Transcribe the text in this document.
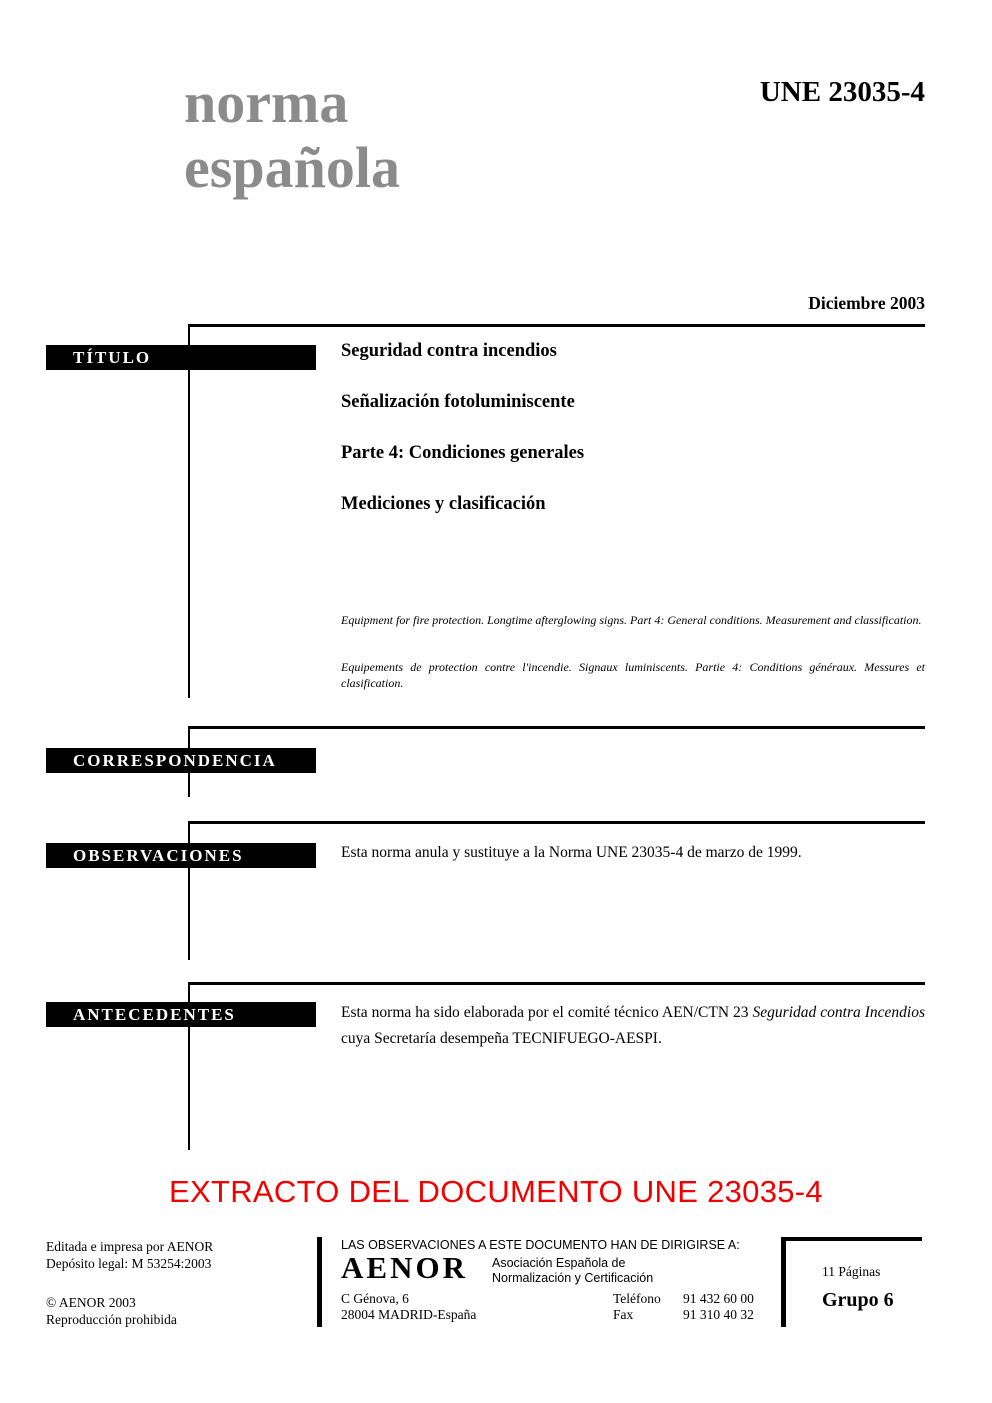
norma
española
UNE 23035-4
Diciembre 2003
TÍTULO	Seguridad contra incendios
Señalización fotoluminiscente
Parte 4: Condiciones generales
Mediciones y clasificación
Equipment for fire protection. Longtime afterglowing signs. Part 4: General conditions. Measurement and classification.
Equipements de protection contre l'incendie. Signaux luminiscents. Partie 4: Conditions généraux. Messures et clasification.
CORRESPONDENCIA
OBSERVACIONES	Esta norma anula y sustituye a la Norma UNE 23035-4 de marzo de 1999.
ANTECEDENTES	Esta norma ha sido elaborada por el comité técnico AEN/CTN 23 Seguridad contra Incendios cuya Secretaría desempeña TECNIFUEGO-AESPI.
EXTRACTO DEL DOCUMENTO UNE 23035-4
Editada e impresa por AENOR
Depósito legal: M 53254:2003
© AENOR 2003
Reproducción prohibida
LAS OBSERVACIONES A ESTE DOCUMENTO HAN DE DIRIGIRSE A:
AENOR Asociación Española de
Normalización y Certificación
C Génova, 6
28004 MADRID-España
Teléfono 91 432 60 00
Fax	91 310 40 32
11 Páginas
Grupo 6
